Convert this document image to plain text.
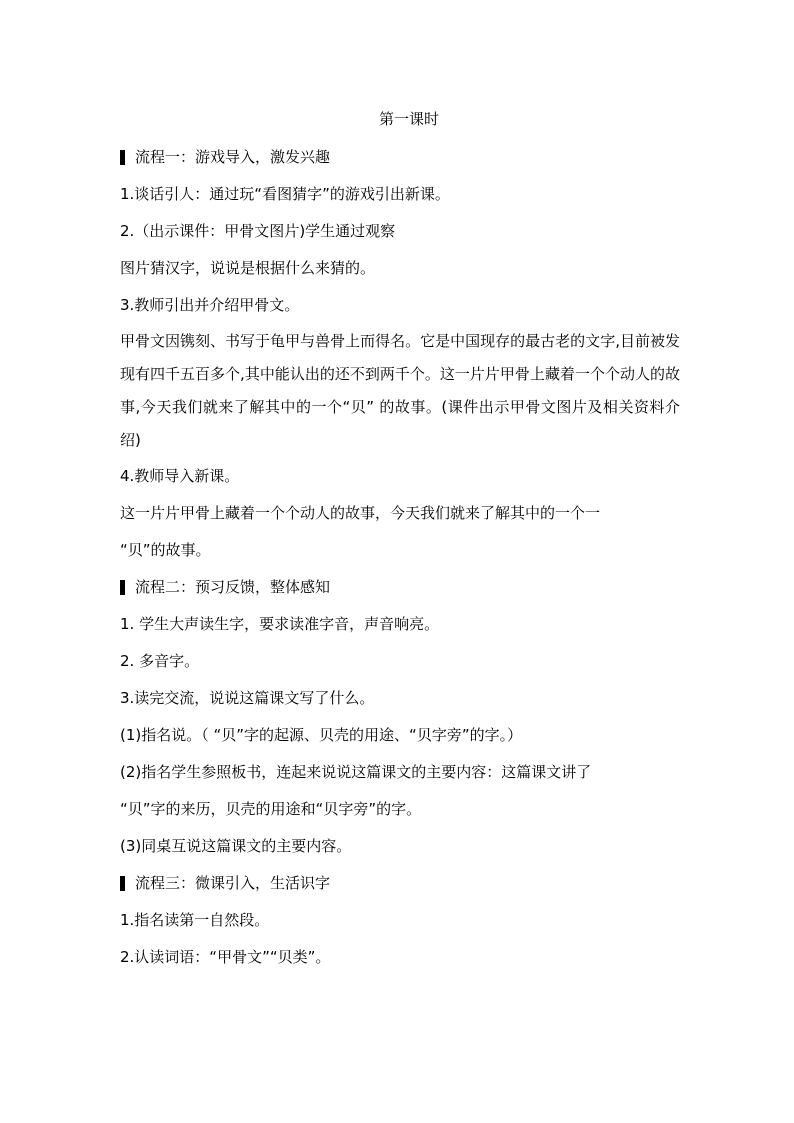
第一课时
流程一：游戏导入，激发兴趣
1.谈话引人：通过玩“看图猜字”的游戏引出新课。
2.（出示课件：甲骨文图片)学生通过观察
图片猜汉字，说说是根据什么来猜的。
3.教师引出并介绍甲骨文。
甲骨文因镌刻、书写于龟甲与兽骨上而得名。它是中国现存的最古老的文字,目前被发现有四千五百多个,其中能认出的还不到两千个。这一片片甲骨上藏着一个个动人的故事,今天我们就来了解其中的一个“贝” 的故事。(课件出示甲骨文图片及相关资料介绍)
4.教师导入新课。
这一片片甲骨上藏着一个个动人的故事，今天我们就来了解其中的一个一
“贝”的故事。
流程二：预习反馈，整体感知
1. 学生大声读生字，要求读准字音，声音响亮。
2. 多音字。
3.读完交流，说说这篇课文写了什么。
(1)指名说。（ “贝”字的起源、贝壳的用途、“贝字旁”的字。）
(2)指名学生参照板书，连起来说说这篇课文的主要内容：这篇课文讲了
“贝”字的来历，贝壳的用途和“贝字旁”的字。
(3)同桌互说这篇课文的主要内容。
流程三：微课引入，生活识字
1.指名读第一自然段。
2.认读词语：“甲骨文”“贝类”。
